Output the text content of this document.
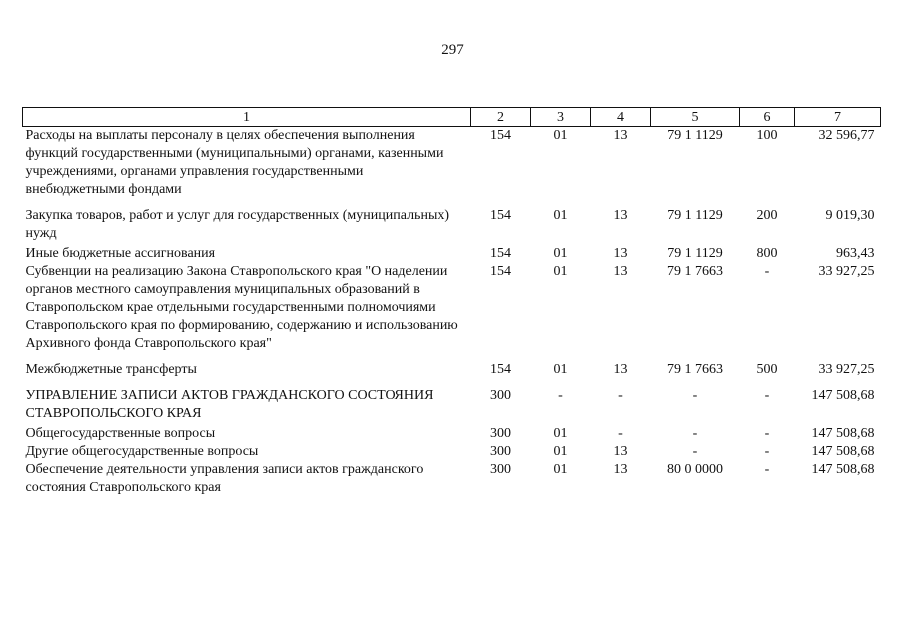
297
1	2	3	4	5	6	7
Расходы на выплаты персоналу в целях обеспечения выполнения функций государственными (муниципальными) органами, казенными учреждениями, органами управления государственными внебюджетными фондами	154	01	13	79 1 1129	100	32 596,77
Закупка товаров, работ и услуг для государственных (муниципальных) нужд	154	01	13	79 1 1129	200	9 019,30
Иные бюджетные ассигнования	154	01	13	79 1 1129	800	963,43
Субвенции на реализацию Закона Ставропольского края "О наделении органов местного самоуправления муниципальных образований в Ставропольском крае отдельными государственными полномочиями Ставропольского края по формированию, содержанию и использованию Архивного фонда Ставропольского края"	154	01	13	79 1 7663	-	33 927,25
Межбюджетные трансферты	154	01	13	79 1 7663	500	33 927,25
УПРАВЛЕНИЕ ЗАПИСИ АКТОВ ГРАЖДАНСКОГО СОСТОЯНИЯ СТАВРОПОЛЬСКОГО КРАЯ	300	-	-	-	-	147 508,68
Общегосударственные вопросы	300	01	-	-	-	147 508,68
Другие общегосударственные вопросы	300	01	13	-	-	147 508,68
Обеспечение деятельности управления записи актов гражданского состояния Ставропольского края	300	01	13	80 0 0000	-	147 508,68
